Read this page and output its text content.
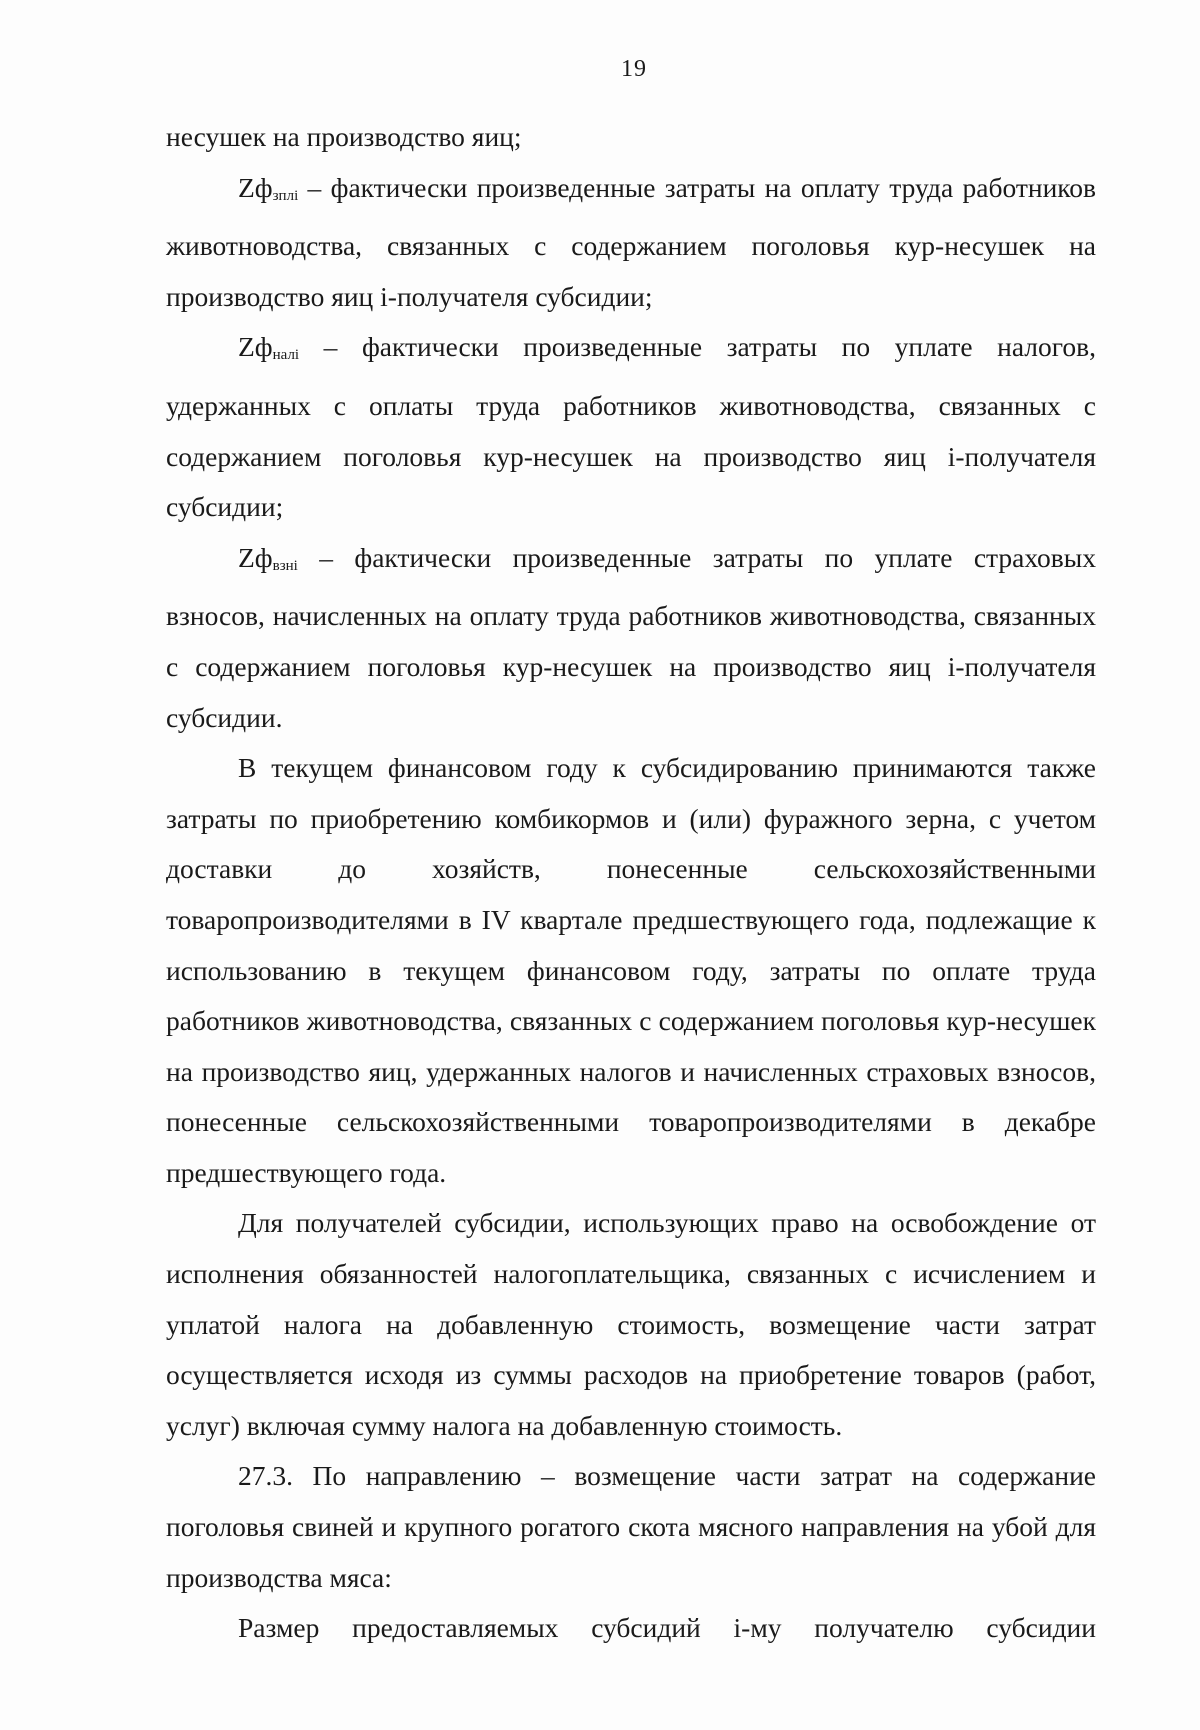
19

несушек на производство яиц;

Zфзплi – фактически произведенные затраты на оплату труда работников животноводства, связанных с содержанием поголовья кур-несушек на производство яиц i-получателя субсидии;

Zфналi – фактически произведенные затраты по уплате налогов, удержанных с оплаты труда работников животноводства, связанных с содержанием поголовья кур-несушек на производство яиц i-получателя субсидии;

Zфвзнi – фактически произведенные затраты по уплате страховых взносов, начисленных на оплату труда работников животноводства, связанных с содержанием поголовья кур-несушек на производство яиц i-получателя субсидии.

В текущем финансовом году к субсидированию принимаются также затраты по приобретению комбикормов и (или) фуражного зерна, с учетом доставки до хозяйств, понесенные сельскохозяйственными товаропроизводителями в IV квартале предшествующего года, подлежащие к использованию в текущем финансовом году, затраты по оплате труда работников животноводства, связанных с содержанием поголовья кур-несушек на производство яиц, удержанных налогов и начисленных страховых взносов, понесенные сельскохозяйственными товаропроизводителями в декабре предшествующего года.

Для получателей субсидии, использующих право на освобождение от исполнения обязанностей налогоплательщика, связанных с исчислением и уплатой налога на добавленную стоимость, возмещение части затрат осуществляется исходя из суммы расходов на приобретение товаров (работ, услуг) включая сумму налога на добавленную стоимость.

27.3. По направлению – возмещение части затрат на содержание поголовья свиней и крупного рогатого скота мясного направления на убой для производства мяса:

Размер предоставляемых субсидий i-му получателю субсидии
